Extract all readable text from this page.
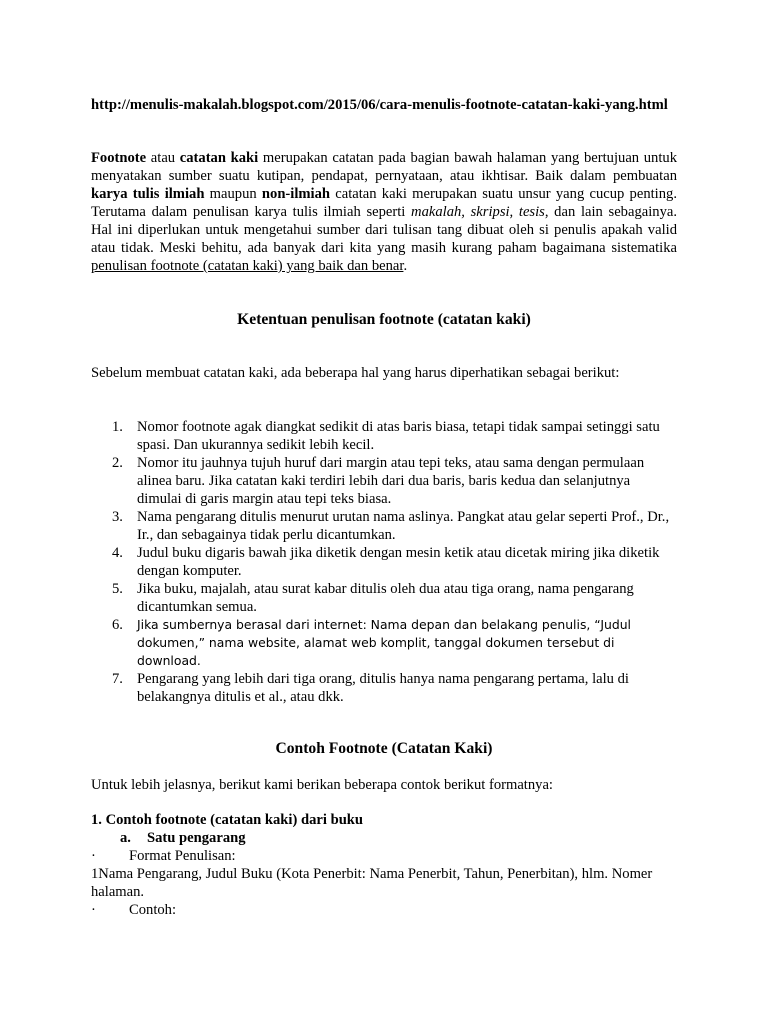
http://menulis-makalah.blogspot.com/2015/06/cara-menulis-footnote-catatan-kaki-yang.html

Footnote atau catatan kaki merupakan catatan pada bagian bawah halaman yang bertujuan untuk menyatakan sumber suatu kutipan, pendapat, pernyataan, atau ikhtisar. Baik dalam pembuatan karya tulis ilmiah maupun non-ilmiah catatan kaki merupakan suatu unsur yang cucup penting. Terutama dalam penulisan karya tulis ilmiah seperti makalah, skripsi, tesis, dan lain sebagainya. Hal ini diperlukan untuk mengetahui sumber dari tulisan tang dibuat oleh si penulis apakah valid atau tidak. Meski behitu, ada banyak dari kita yang masih kurang paham bagaimana sistematika penulisan footnote (catatan kaki) yang baik dan benar.

Ketentuan penulisan footnote (catatan kaki)

Sebelum membuat catatan kaki, ada beberapa hal yang harus diperhatikan sebagai berikut:

1. Nomor footnote agak diangkat sedikit di atas baris biasa, tetapi tidak sampai setinggi satu spasi. Dan ukurannya sedikit lebih kecil.
2. Nomor itu jauhnya tujuh huruf dari margin atau tepi teks, atau sama dengan permulaan alinea baru. Jika catatan kaki terdiri lebih dari dua baris, baris kedua dan selanjutnya dimulai di garis margin atau tepi teks biasa.
3. Nama pengarang ditulis menurut urutan nama aslinya. Pangkat atau gelar seperti Prof., Dr., Ir., dan sebagainya tidak perlu dicantumkan.
4. Judul buku digaris bawah jika diketik dengan mesin ketik atau dicetak miring jika diketik dengan komputer.
5. Jika buku, majalah, atau surat kabar ditulis oleh dua atau tiga orang, nama pengarang dicantumkan semua.
6. Jika sumbernya berasal dari internet: Nama depan dan belakang penulis, “Judul dokumen,” nama website, alamat web komplit, tanggal dokumen tersebut di download.
7. Pengarang yang lebih dari tiga orang, ditulis hanya nama pengarang pertama, lalu di belakangnya ditulis et al., atau dkk.
Contoh Footnote (Catatan Kaki)

Untuk lebih jelasnya, berikut kami berikan beberapa contok berikut formatnya:

1. Contoh footnote (catatan kaki) dari buku

a. Satu pengarang

· Format Penulisan:

1Nama Pengarang, Judul Buku (Kota Penerbit: Nama Penerbit, Tahun, Penerbitan), hlm. Nomer halaman.

· Contoh:
